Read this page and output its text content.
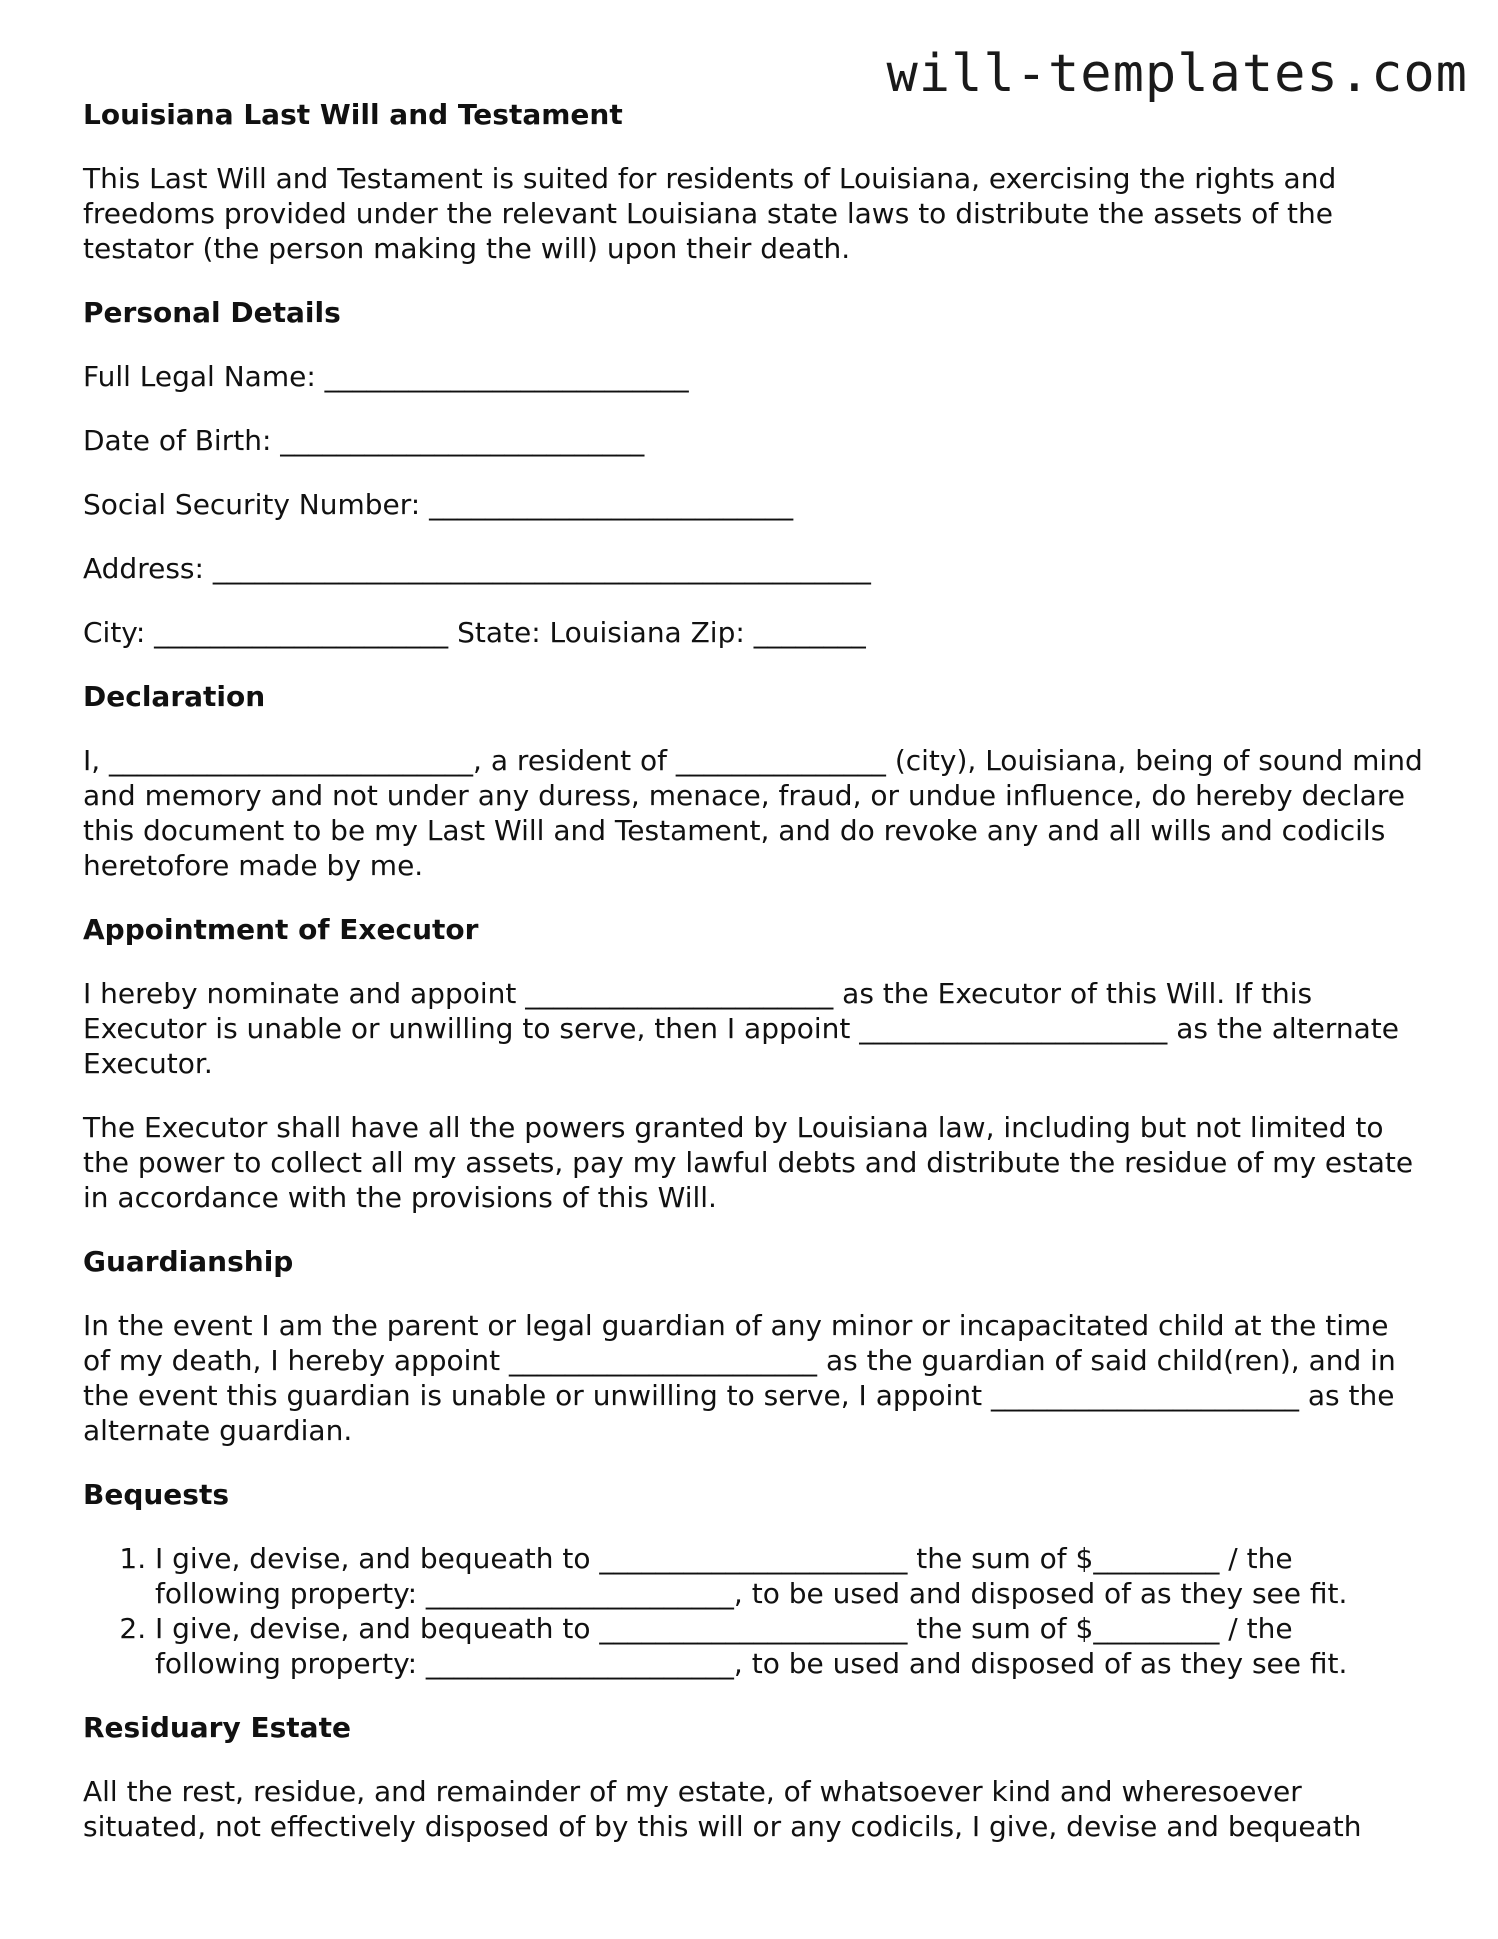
will-templates.com
Louisiana Last Will and Testament

This Last Will and Testament is suited for residents of Louisiana, exercising the rights and freedoms provided under the relevant Louisiana state laws to distribute the assets of the testator (the person making the will) upon their death.

Personal Details
Full Legal Name: __________________________
Date of Birth: __________________________
Social Security Number: __________________________
Address: _______________________________________________
City: _____________________ State: Louisiana Zip: ________
Declaration

I, __________________________, a resident of _______________ (city), Louisiana, being of sound mind and memory and not under any duress, menace, fraud, or undue influence, do hereby declare this document to be my Last Will and Testament, and do revoke any and all wills and codicils heretofore made by me.

Appointment of Executor

I hereby nominate and appoint ______________________ as the Executor of this Will. If this Executor is unable or unwilling to serve, then I appoint ______________________ as the alternate Executor.

The Executor shall have all the powers granted by Louisiana law, including but not limited to the power to collect all my assets, pay my lawful debts and distribute the residue of my estate in accordance with the provisions of this Will.

Guardianship

In the event I am the parent or legal guardian of any minor or incapacitated child at the time of my death, I hereby appoint ______________________ as the guardian of said child(ren), and in the event this guardian is unable or unwilling to serve, I appoint ______________________ as the alternate guardian.

Bequests
1. I give, devise, and bequeath to ______________________ the sum of $_________ / the following property: ______________________, to be used and disposed of as they see fit.
2. I give, devise, and bequeath to ______________________ the sum of $_________ / the following property: ______________________, to be used and disposed of as they see fit.
Residuary Estate

All the rest, residue, and remainder of my estate, of whatsoever kind and wheresoever situated, not effectively disposed of by this will or any codicils, I give, devise and bequeath
